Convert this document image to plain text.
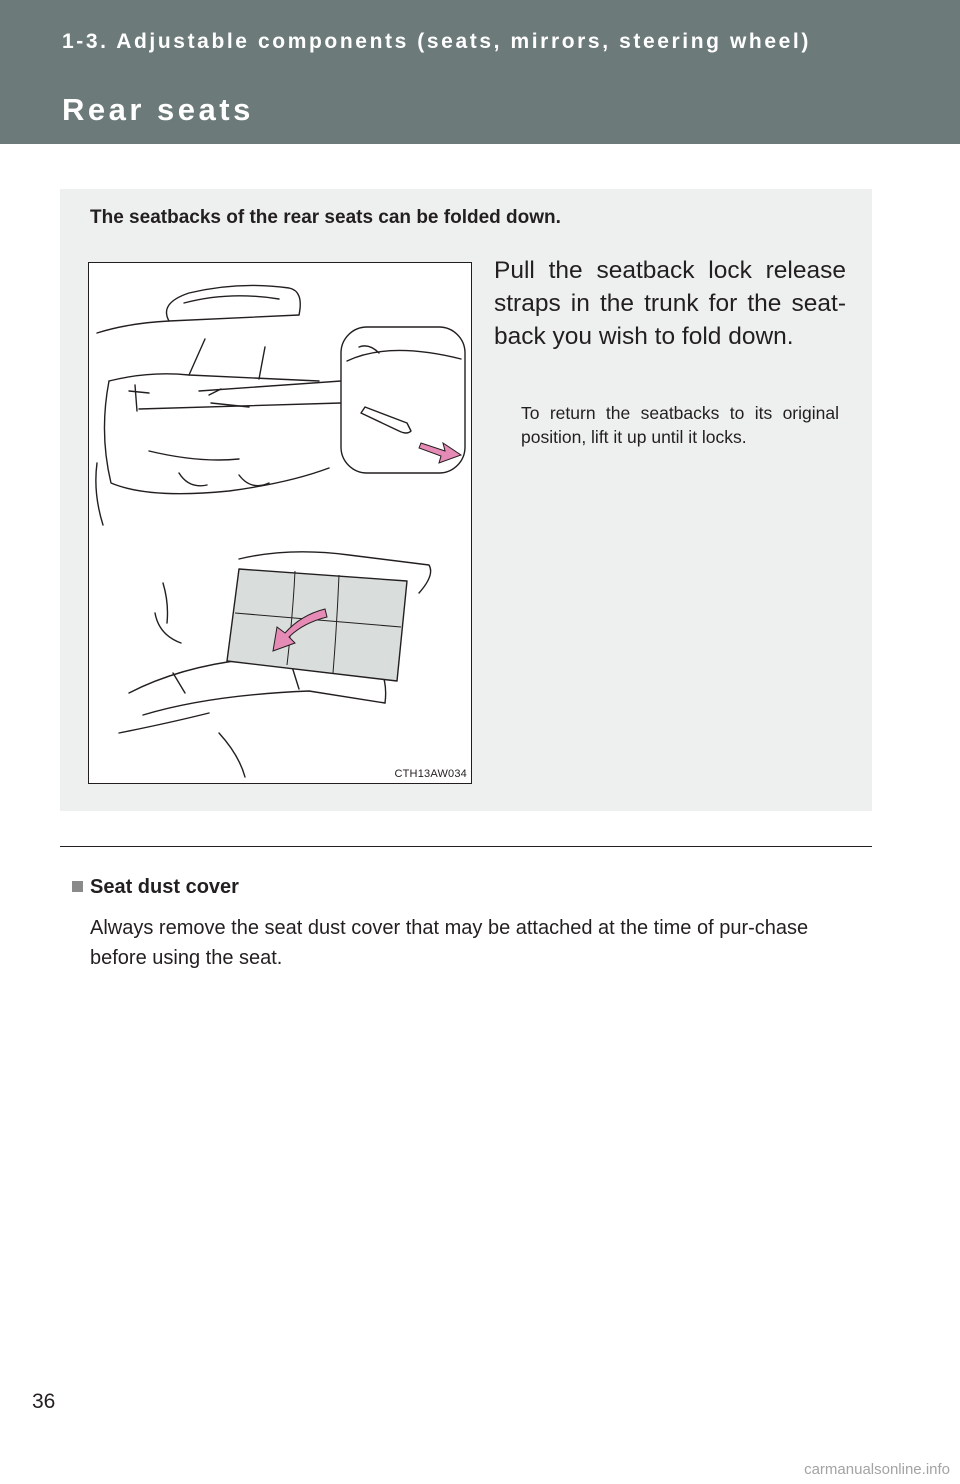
1-3. Adjustable components (seats, mirrors, steering wheel)
Rear seats

The seatbacks of the rear seats can be folded down.

CTH13AW034

Pull the seatback lock release straps in the trunk for the seat-back you wish to fold down.

To return the seatbacks to its original position, lift it up until it locks.

Seat dust cover

Always remove the seat dust cover that may be attached at the time of pur-chase before using the seat.

36
carmanualsonline.info
